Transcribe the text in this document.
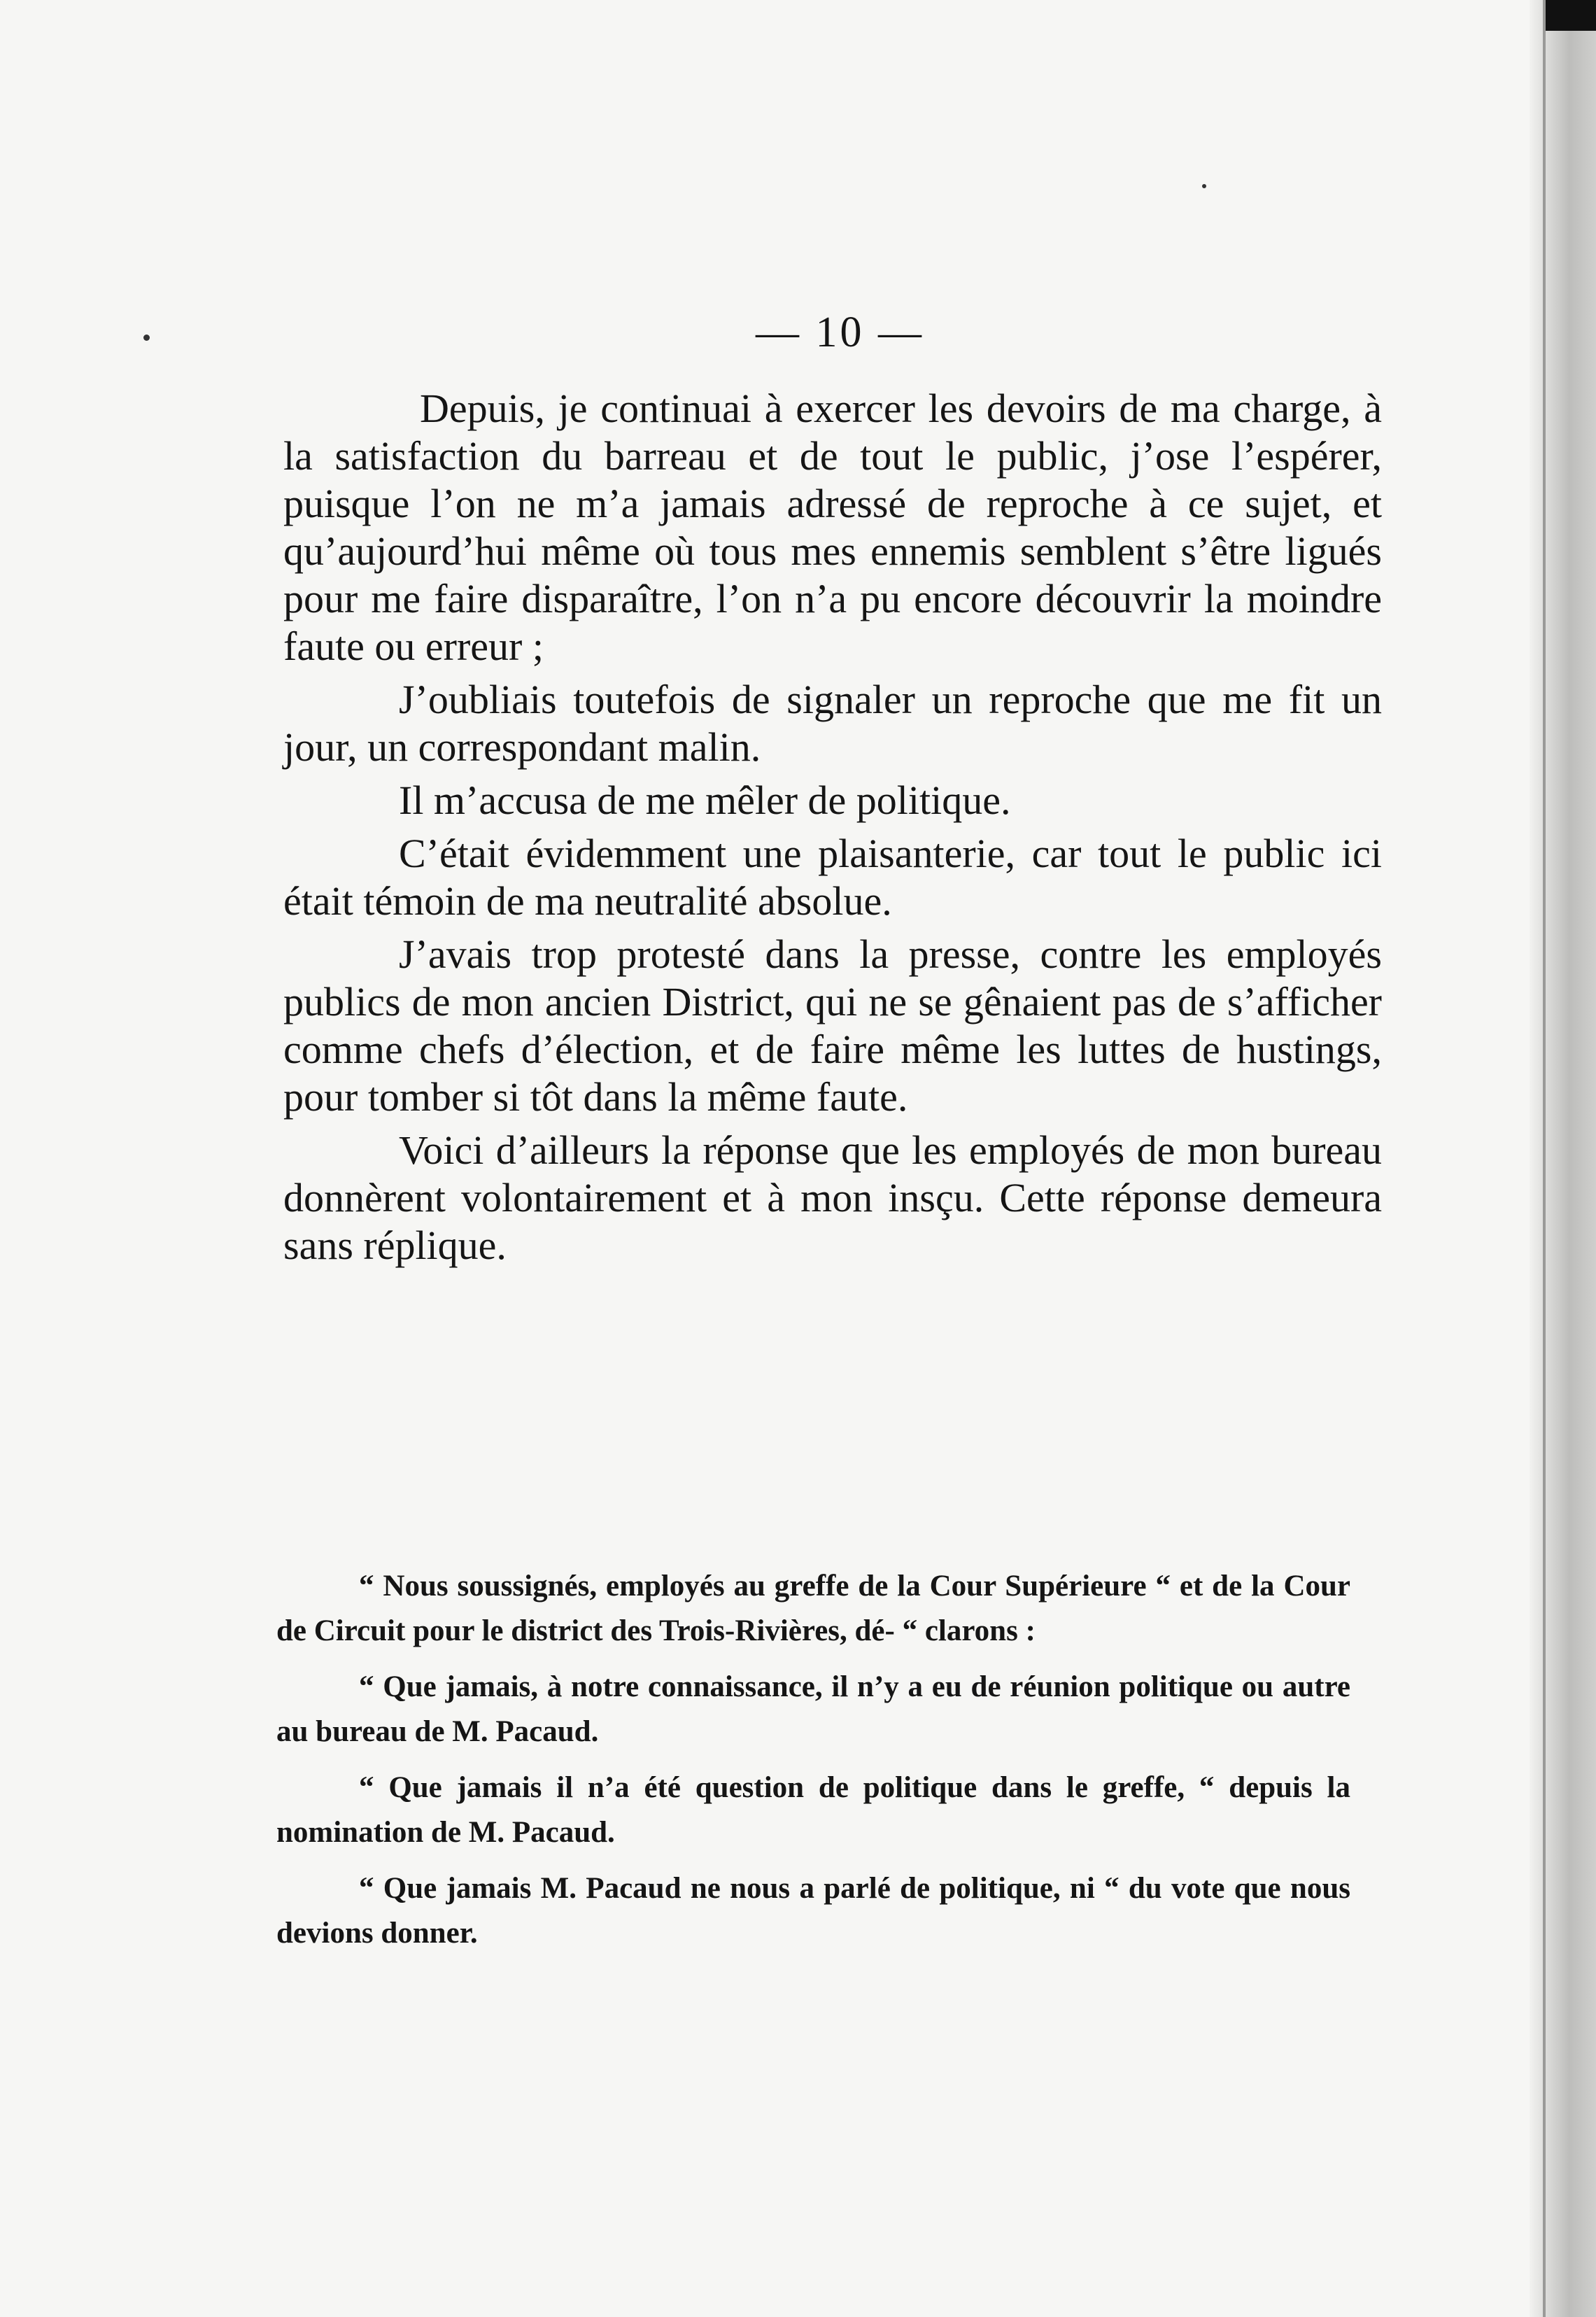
— 10 —

Depuis, je continuai à exercer les devoirs de ma charge, à la satisfaction du barreau et de tout le public, j’ose l’espérer, puisque l’on ne m’a jamais adressé de reproche à ce sujet, et qu’aujourd’hui même où tous mes ennemis semblent s’être ligués pour me faire disparaître, l’on n’a pu encore découvrir la moindre faute ou erreur ;

J’oubliais toutefois de signaler un reproche que me fit un jour, un correspondant malin.

Il m’accusa de me mêler de politique.

C’était évidemment une plaisanterie, car tout le public ici était témoin de ma neutralité absolue.

J’avais trop protesté dans la presse, contre les employés publics de mon ancien District, qui ne se gênaient pas de s’afficher comme chefs d’élection, et de faire même les luttes de hustings, pour tomber si tôt dans la même faute.

Voici d’ailleurs la réponse que les employés de mon bureau donnèrent volontairement et à mon insçu. Cette réponse demeura sans réplique.

“ Nous soussignés, employés au greffe de la Cour Supérieure “ et de la Cour de Circuit pour le district des Trois-Rivières, dé- “ clarons :

“ Que jamais, à notre connaissance, il n’y a eu de réunion politique ou autre au bureau de M. Pacaud.

“ Que jamais il n’a été question de politique dans le greffe, “ depuis la nomination de M. Pacaud.

“ Que jamais M. Pacaud ne nous a parlé de politique, ni “ du vote que nous devions donner.
